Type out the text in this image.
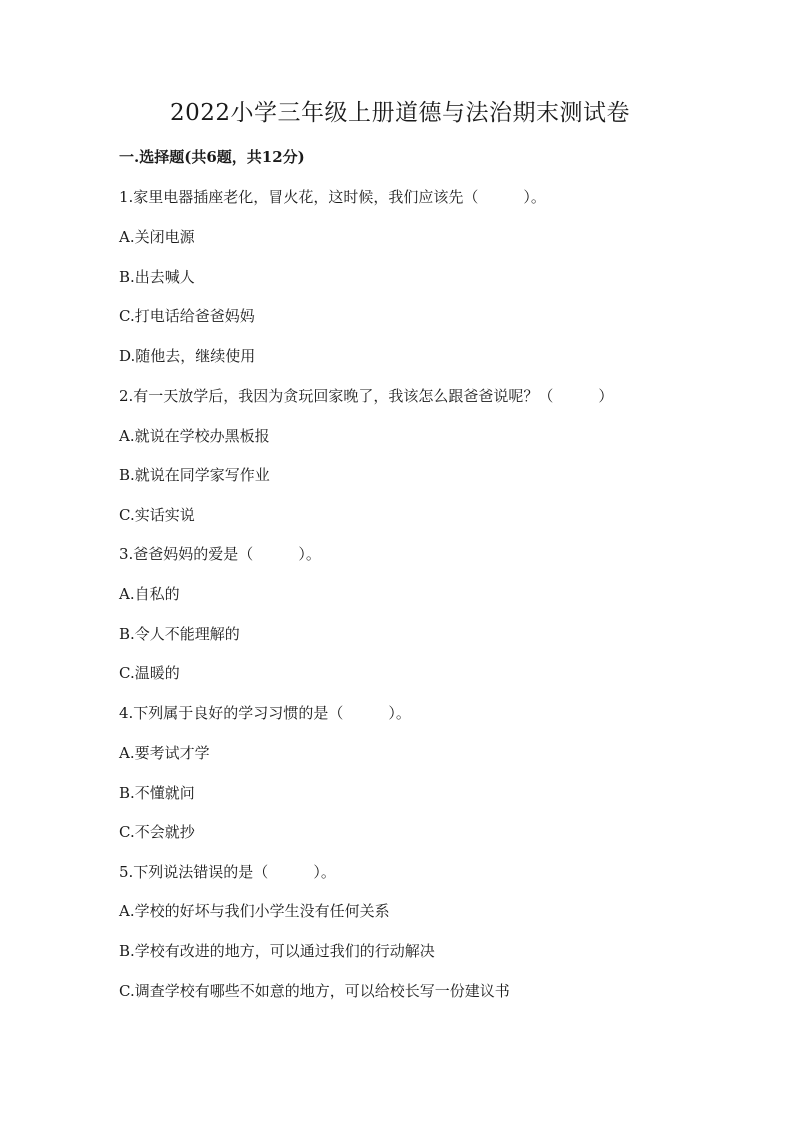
2022小学三年级上册道德与法治期末测试卷

一.选择题(共6题，共12分)

1.家里电器插座老化，冒火花，这时候，我们应该先（　　　）。

A.关闭电源

B.出去喊人

C.打电话给爸爸妈妈

D.随他去，继续使用

2.有一天放学后，我因为贪玩回家晚了，我该怎么跟爸爸说呢？（　　　）

A.就说在学校办黑板报

B.就说在同学家写作业

C.实话实说

3.爸爸妈妈的爱是（　　　）。

A.自私的

B.令人不能理解的

C.温暖的

4.下列属于良好的学习习惯的是（　　　）。

A.要考试才学

B.不懂就问

C.不会就抄

5.下列说法错误的是（　　　）。

A.学校的好坏与我们小学生没有任何关系

B.学校有改进的地方，可以通过我们的行动解决

C.调查学校有哪些不如意的地方，可以给校长写一份建议书
